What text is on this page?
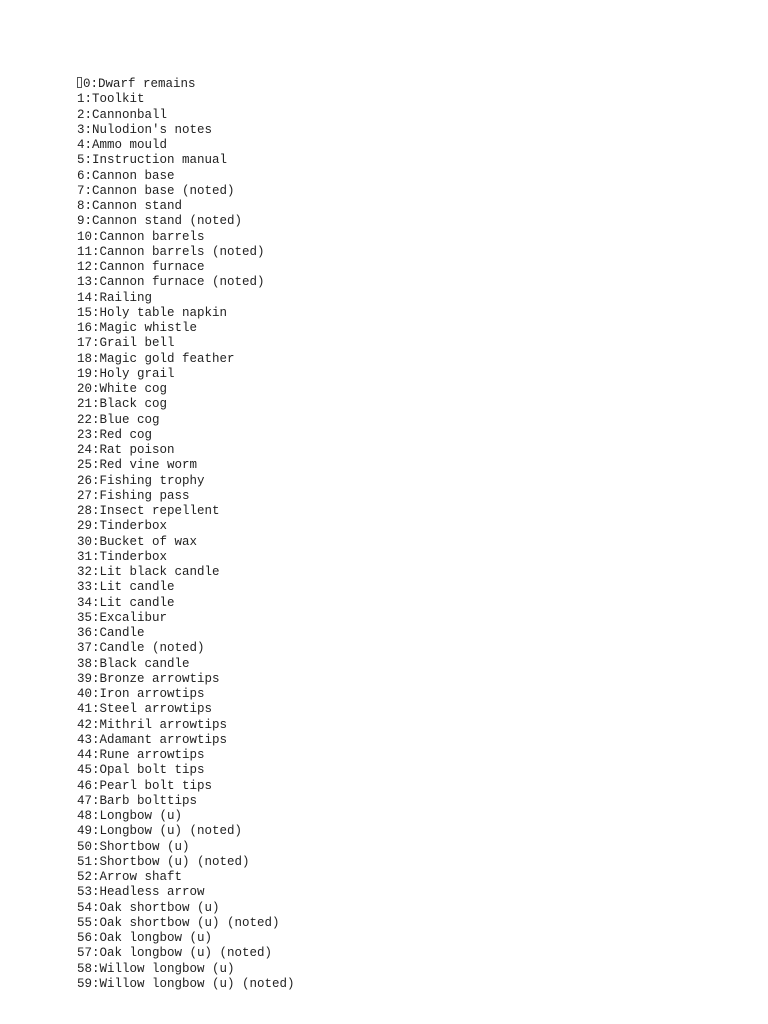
0:Dwarf remains
1:Toolkit
2:Cannonball
3:Nulodion's notes
4:Ammo mould
5:Instruction manual
6:Cannon base
7:Cannon base (noted)
8:Cannon stand
9:Cannon stand (noted)
10:Cannon barrels
11:Cannon barrels (noted)
12:Cannon furnace
13:Cannon furnace (noted)
14:Railing
15:Holy table napkin
16:Magic whistle
17:Grail bell
18:Magic gold feather
19:Holy grail
20:White cog
21:Black cog
22:Blue cog
23:Red cog
24:Rat poison
25:Red vine worm
26:Fishing trophy
27:Fishing pass
28:Insect repellent
29:Tinderbox
30:Bucket of wax
31:Tinderbox
32:Lit black candle
33:Lit candle
34:Lit candle
35:Excalibur
36:Candle
37:Candle (noted)
38:Black candle
39:Bronze arrowtips
40:Iron arrowtips
41:Steel arrowtips
42:Mithril arrowtips
43:Adamant arrowtips
44:Rune arrowtips
45:Opal bolt tips
46:Pearl bolt tips
47:Barb bolttips
48:Longbow (u)
49:Longbow (u) (noted)
50:Shortbow (u)
51:Shortbow (u) (noted)
52:Arrow shaft
53:Headless arrow
54:Oak shortbow (u)
55:Oak shortbow (u) (noted)
56:Oak longbow (u)
57:Oak longbow (u) (noted)
58:Willow longbow (u)
59:Willow longbow (u) (noted)
